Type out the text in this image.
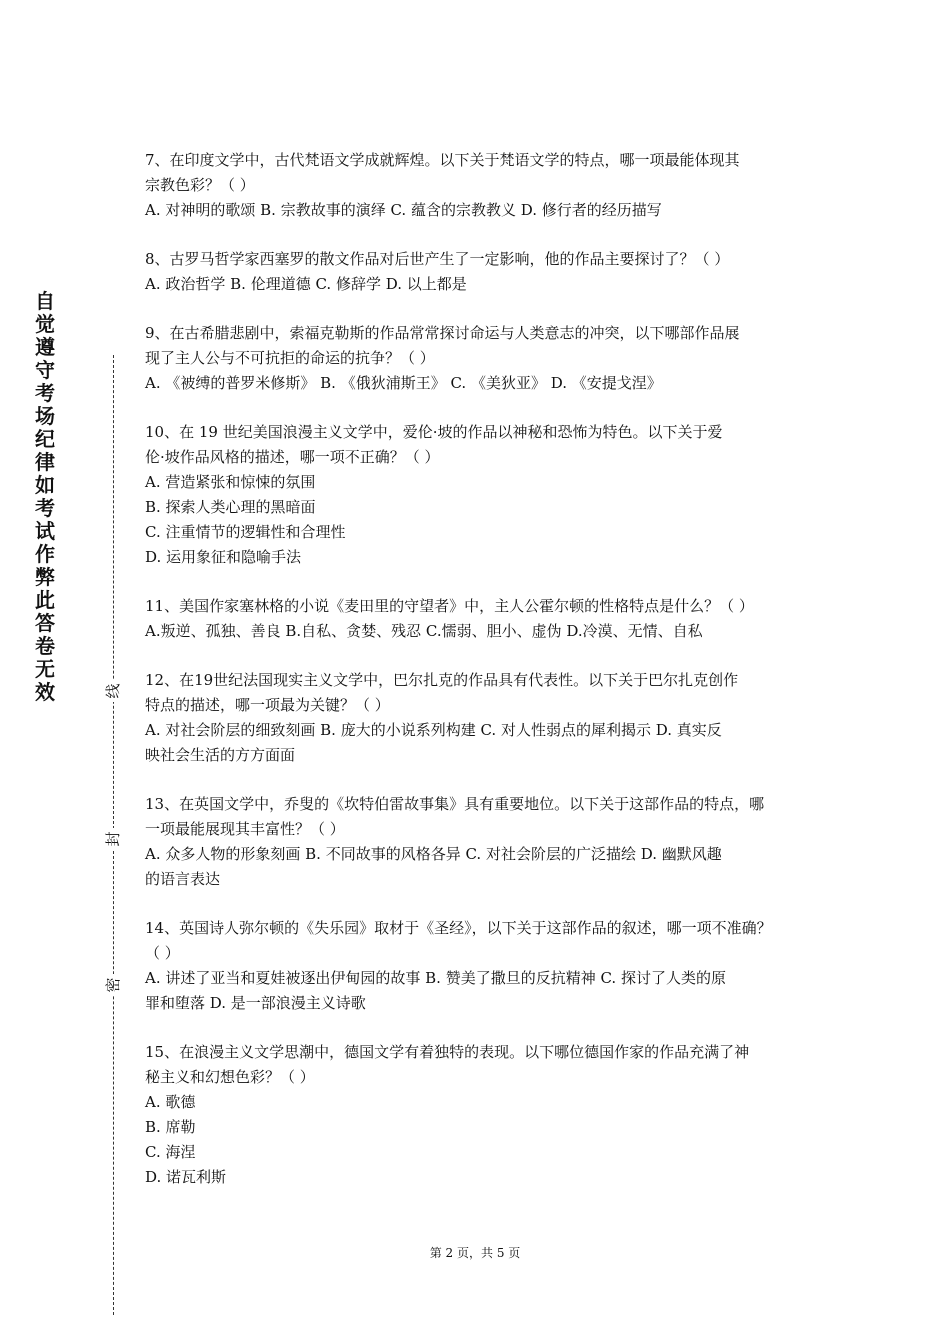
自觉遵守考场纪律如考试作弊此答卷无效	线
封
密

7、在印度文学中，古代梵语文学成就辉煌。以下关于梵语文学的特点，哪一项最能体现其

宗教色彩？（ ）

A. 对神明的歌颂 B. 宗教故事的演绎 C. 蕴含的宗教教义 D. 修行者的经历描写

8、古罗马哲学家西塞罗的散文作品对后世产生了一定影响，他的作品主要探讨了？（ ）

A. 政治哲学 B. 伦理道德 C. 修辞学 D. 以上都是

9、在古希腊悲剧中，索福克勒斯的作品常常探讨命运与人类意志的冲突，以下哪部作品展

现了主人公与不可抗拒的命运的抗争？（ ）

A. 《被缚的普罗米修斯》 B. 《俄狄浦斯王》 C. 《美狄亚》 D. 《安提戈涅》

10、在 19 世纪美国浪漫主义文学中，爱伦·坡的作品以神秘和恐怖为特色。以下关于爱

伦·坡作品风格的描述，哪一项不正确？（ ）

A. 营造紧张和惊悚的氛围

B. 探索人类心理的黑暗面

C. 注重情节的逻辑性和合理性

D. 运用象征和隐喻手法

11、美国作家塞林格的小说《麦田里的守望者》中，主人公霍尔顿的性格特点是什么？（ ）

A.叛逆、孤独、善良 B.自私、贪婪、残忍 C.懦弱、胆小、虚伪 D.冷漠、无情、自私

12、在19世纪法国现实主义文学中，巴尔扎克的作品具有代表性。以下关于巴尔扎克创作

特点的描述，哪一项最为关键？（ ）

A. 对社会阶层的细致刻画 B. 庞大的小说系列构建 C. 对人性弱点的犀利揭示 D. 真实反

映社会生活的方方面面

13、在英国文学中，乔叟的《坎特伯雷故事集》具有重要地位。以下关于这部作品的特点，哪

一项最能展现其丰富性？（ ）

A. 众多人物的形象刻画 B. 不同故事的风格各异 C. 对社会阶层的广泛描绘 D. 幽默风趣

的语言表达

14、英国诗人弥尔顿的《失乐园》取材于《圣经》，以下关于这部作品的叙述，哪一项不准确？

（ ）

A. 讲述了亚当和夏娃被逐出伊甸园的故事 B. 赞美了撒旦的反抗精神 C. 探讨了人类的原

罪和堕落 D. 是一部浪漫主义诗歌

15、在浪漫主义文学思潮中，德国文学有着独特的表现。以下哪位德国作家的作品充满了神

秘主义和幻想色彩？（ ）

A. 歌德

B. 席勒

C. 海涅

D. 诺瓦利斯

第 2 页，共 5 页
